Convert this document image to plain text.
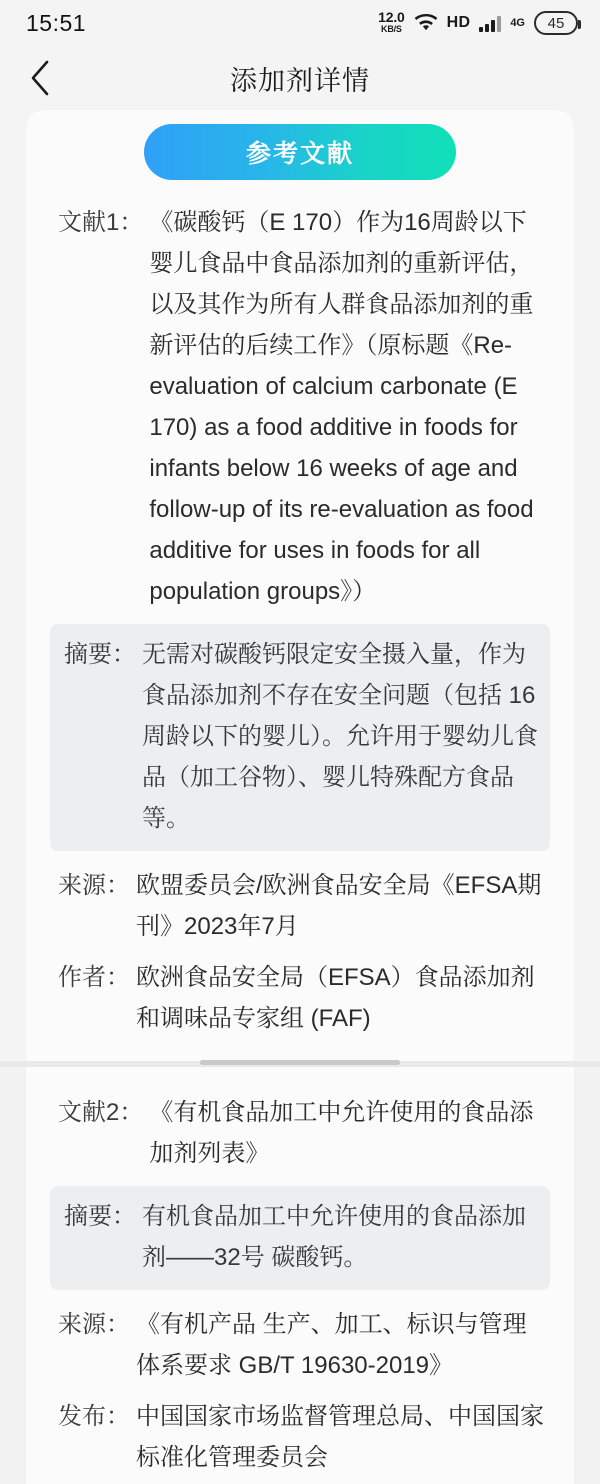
15:51	12.0
KB/S	HD	4G	45
添加剂详情
参考文献
文献1： 《碳酸钙（E 170）作为16周龄以下婴儿食品中食品添加剂的重新评估，以及其作为所有人群食品添加剂的重新评估的后续工作》（原标题《Re-evaluation of calcium carbonate (E 170) as a food additive in foods for infants below 16 weeks of age and follow-up of its re-evaluation as food additive for uses in foods for all population groups》）
摘要： 无需对碳酸钙限定安全摄入量，作为食品添加剂不存在安全问题（包括 16 周龄以下的婴儿）。允许用于婴幼儿食品（加工谷物）、婴儿特殊配方食品等。
来源： 欧盟委员会/欧洲食品安全局《EFSA期刊》2023年7月
作者： 欧洲食品安全局（EFSA）食品添加剂和调味品专家组 (FAF)
文献2： 《有机食品加工中允许使用的食品添加剂列表》
摘要： 有机食品加工中允许使用的食品添加剂——32号 碳酸钙。
来源： 《有机产品 生产、加工、标识与管理体系要求 GB/T 19630-2019》
发布： 中国国家市场监督管理总局、中国国家标准化管理委员会
